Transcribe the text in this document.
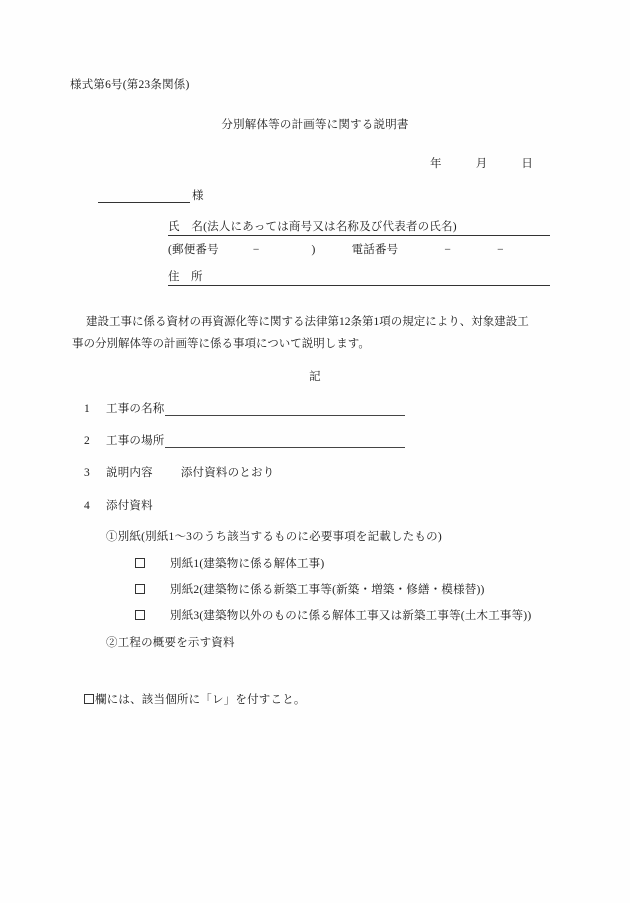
様式第6号(第23条関係)
分別解体等の計画等に関する説明書
年	月	日
様
氏　名(法人にあっては商号又は名称及び代表者の氏名)
(郵便番号	−	)	電話番号	−	−
住　所
建設工事に係る資材の再資源化等に関する法律第12条第1項の規定により、対象建設工
事の分別解体等の計画等に係る事項について説明します。
記
1 工事の名称
2 工事の場所
3 説明内容 添付資料のとおり
4 添付資料
①別紙(別紙1〜3のうち該当するものに必要事項を記載したもの)
別紙1(建築物に係る解体工事)
別紙2(建築物に係る新築工事等(新築・増築・修繕・模様替))
別紙3(建築物以外のものに係る解体工事又は新築工事等(土木工事等))
②工程の概要を示す資料
欄には、該当個所に「レ」を付すこと。
